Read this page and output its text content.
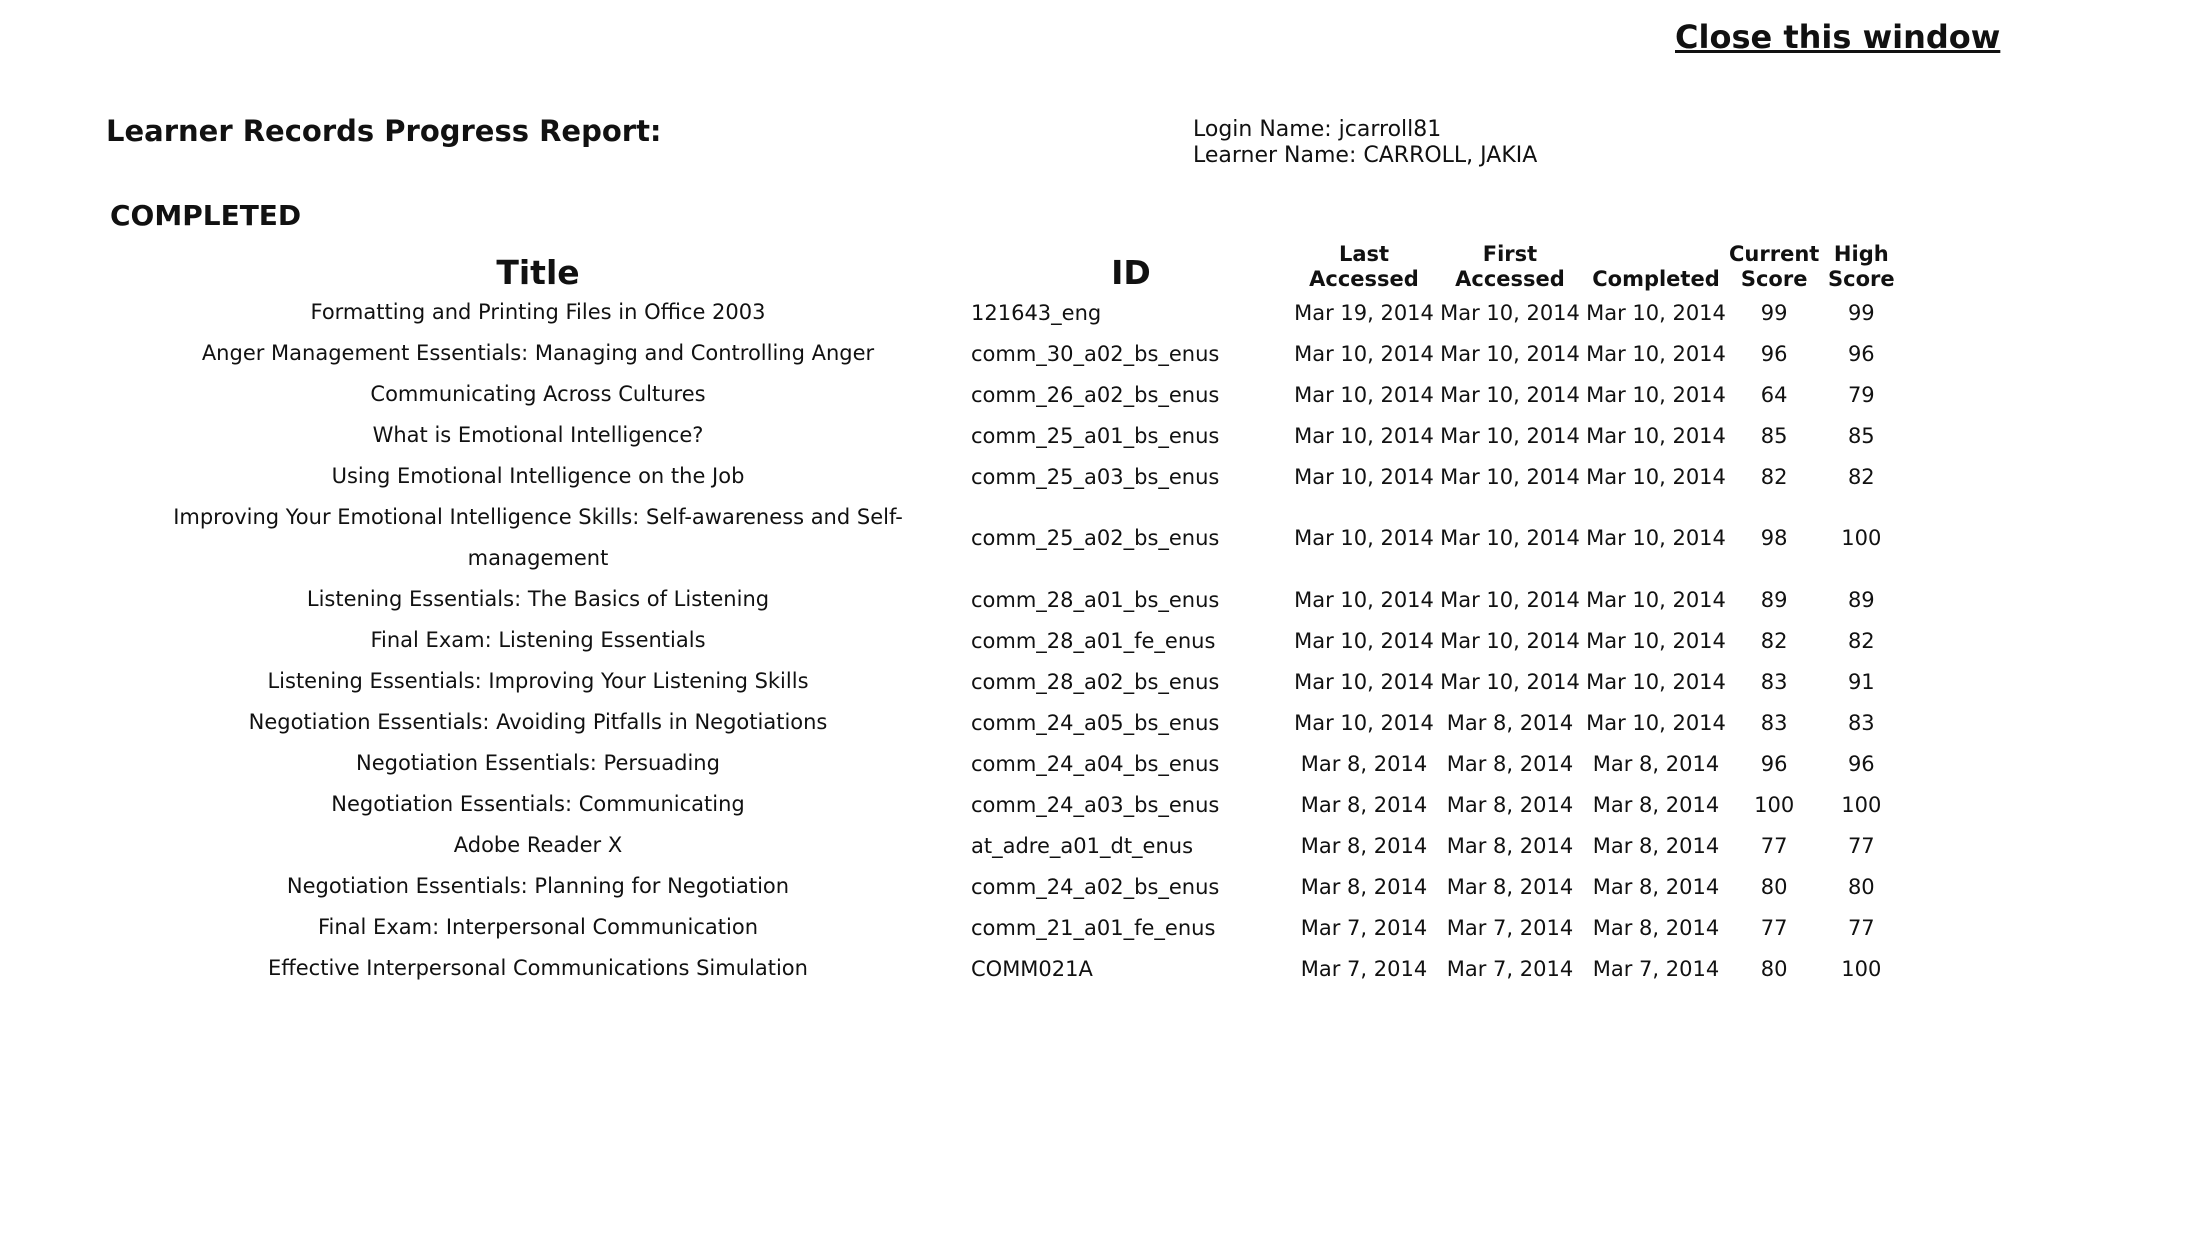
Close this window
Learner Records Progress Report:	Login Name: jcarroll81
Learner Name: CARROLL, JAKIA
COMPLETED
Title	ID	Last Accessed	First Accessed	Completed	Current Score	High Score
Formatting and Printing Files in Office 2003	121643_eng	Mar 19, 2014	Mar 10, 2014	Mar 10, 2014	99	99
Anger Management Essentials: Managing and Controlling Anger	comm_30_a02_bs_enus	Mar 10, 2014	Mar 10, 2014	Mar 10, 2014	96	96
Communicating Across Cultures	comm_26_a02_bs_enus	Mar 10, 2014	Mar 10, 2014	Mar 10, 2014	64	79
What is Emotional Intelligence?	comm_25_a01_bs_enus	Mar 10, 2014	Mar 10, 2014	Mar 10, 2014	85	85
Using Emotional Intelligence on the Job	comm_25_a03_bs_enus	Mar 10, 2014	Mar 10, 2014	Mar 10, 2014	82	82
Improving Your Emotional Intelligence Skills: Self-awareness and Self-management	comm_25_a02_bs_enus	Mar 10, 2014	Mar 10, 2014	Mar 10, 2014	98	100
Listening Essentials: The Basics of Listening	comm_28_a01_bs_enus	Mar 10, 2014	Mar 10, 2014	Mar 10, 2014	89	89
Final Exam: Listening Essentials	comm_28_a01_fe_enus	Mar 10, 2014	Mar 10, 2014	Mar 10, 2014	82	82
Listening Essentials: Improving Your Listening Skills	comm_28_a02_bs_enus	Mar 10, 2014	Mar 10, 2014	Mar 10, 2014	83	91
Negotiation Essentials: Avoiding Pitfalls in Negotiations	comm_24_a05_bs_enus	Mar 10, 2014	Mar 8, 2014	Mar 10, 2014	83	83
Negotiation Essentials: Persuading	comm_24_a04_bs_enus	Mar 8, 2014	Mar 8, 2014	Mar 8, 2014	96	96
Negotiation Essentials: Communicating	comm_24_a03_bs_enus	Mar 8, 2014	Mar 8, 2014	Mar 8, 2014	100	100
Adobe Reader X	at_adre_a01_dt_enus	Mar 8, 2014	Mar 8, 2014	Mar 8, 2014	77	77
Negotiation Essentials: Planning for Negotiation	comm_24_a02_bs_enus	Mar 8, 2014	Mar 8, 2014	Mar 8, 2014	80	80
Final Exam: Interpersonal Communication	comm_21_a01_fe_enus	Mar 7, 2014	Mar 7, 2014	Mar 8, 2014	77	77
Effective Interpersonal Communications Simulation	COMM021A	Mar 7, 2014	Mar 7, 2014	Mar 7, 2014	80	100
